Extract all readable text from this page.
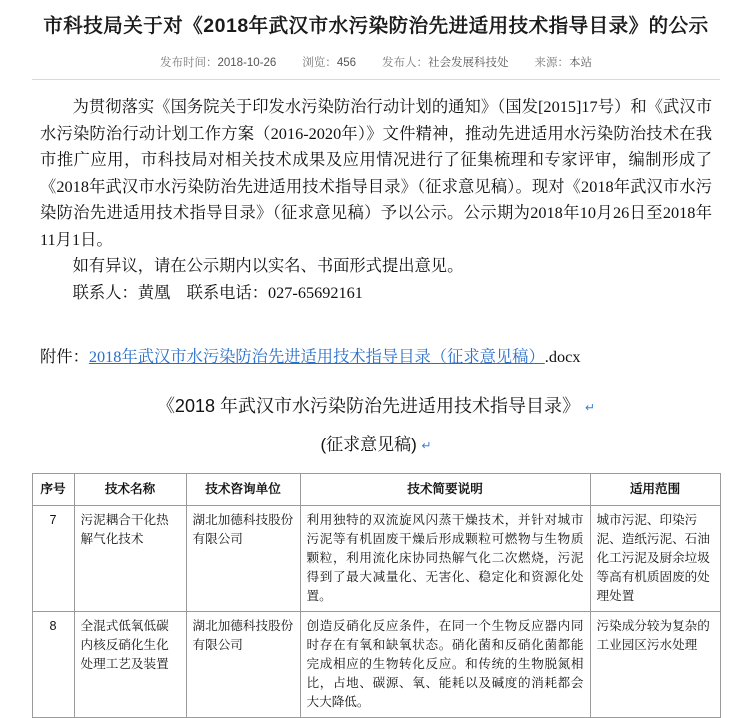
市科技局关于对《2018年武汉市水污染防治先进适用技术指导目录》的公示
发布时间：2018-10-26 浏览：456 发布人：社会发展科技处 来源：本站

为贯彻落实《国务院关于印发水污染防治行动计划的通知》（国发[2015]17号）和《武汉市水污染防治行动计划工作方案（2016-2020年）》文件精神，推动先进适用水污染防治技术在我市推广应用，市科技局对相关技术成果及应用情况进行了征集梳理和专家评审，编制形成了《2018年武汉市水污染防治先进适用技术指导目录》（征求意见稿）。现对《2018年武汉市水污染防治先进适用技术指导目录》（征求意见稿）予以公示。公示期为2018年10月26日至2018年11月1日。

如有异议，请在公示期内以实名、书面形式提出意见。

联系人：黄凰　联系电话：027-65692161

附件：2018年武汉市水污染防治先进适用技术指导目录（征求意见稿）.docx
《2018 年武汉市水污染防治先进适用技术指导目录》 ↵
(征求意见稿) ↵
序号	技术名称	技术咨询单位	技术简要说明	适用范围
7	污泥耦合干化热解气化技术	湖北加德科技股份有限公司	利用独特的双流旋风闪蒸干燥技术，并针对城市污泥等有机固废干燥后形成颗粒可燃物与生物质颗粒，利用流化床协同热解气化二次燃烧，污泥得到了最大减量化、无害化、稳定化和资源化处置。	城市污泥、印染污泥、造纸污泥、石油化工污泥及厨余垃圾等高有机质固废的处理处置
8	全混式低氧低碳内核反硝化生化处理工艺及装置	湖北加德科技股份有限公司	创造反硝化反应条件，在同一个生物反应器内同时存在有氧和缺氧状态。硝化菌和反硝化菌都能完成相应的生物转化反应。和传统的生物脱氮相比，占地、碳源、氧、能耗以及碱度的消耗都会大大降低。	污染成分较为复杂的工业园区污水处理
